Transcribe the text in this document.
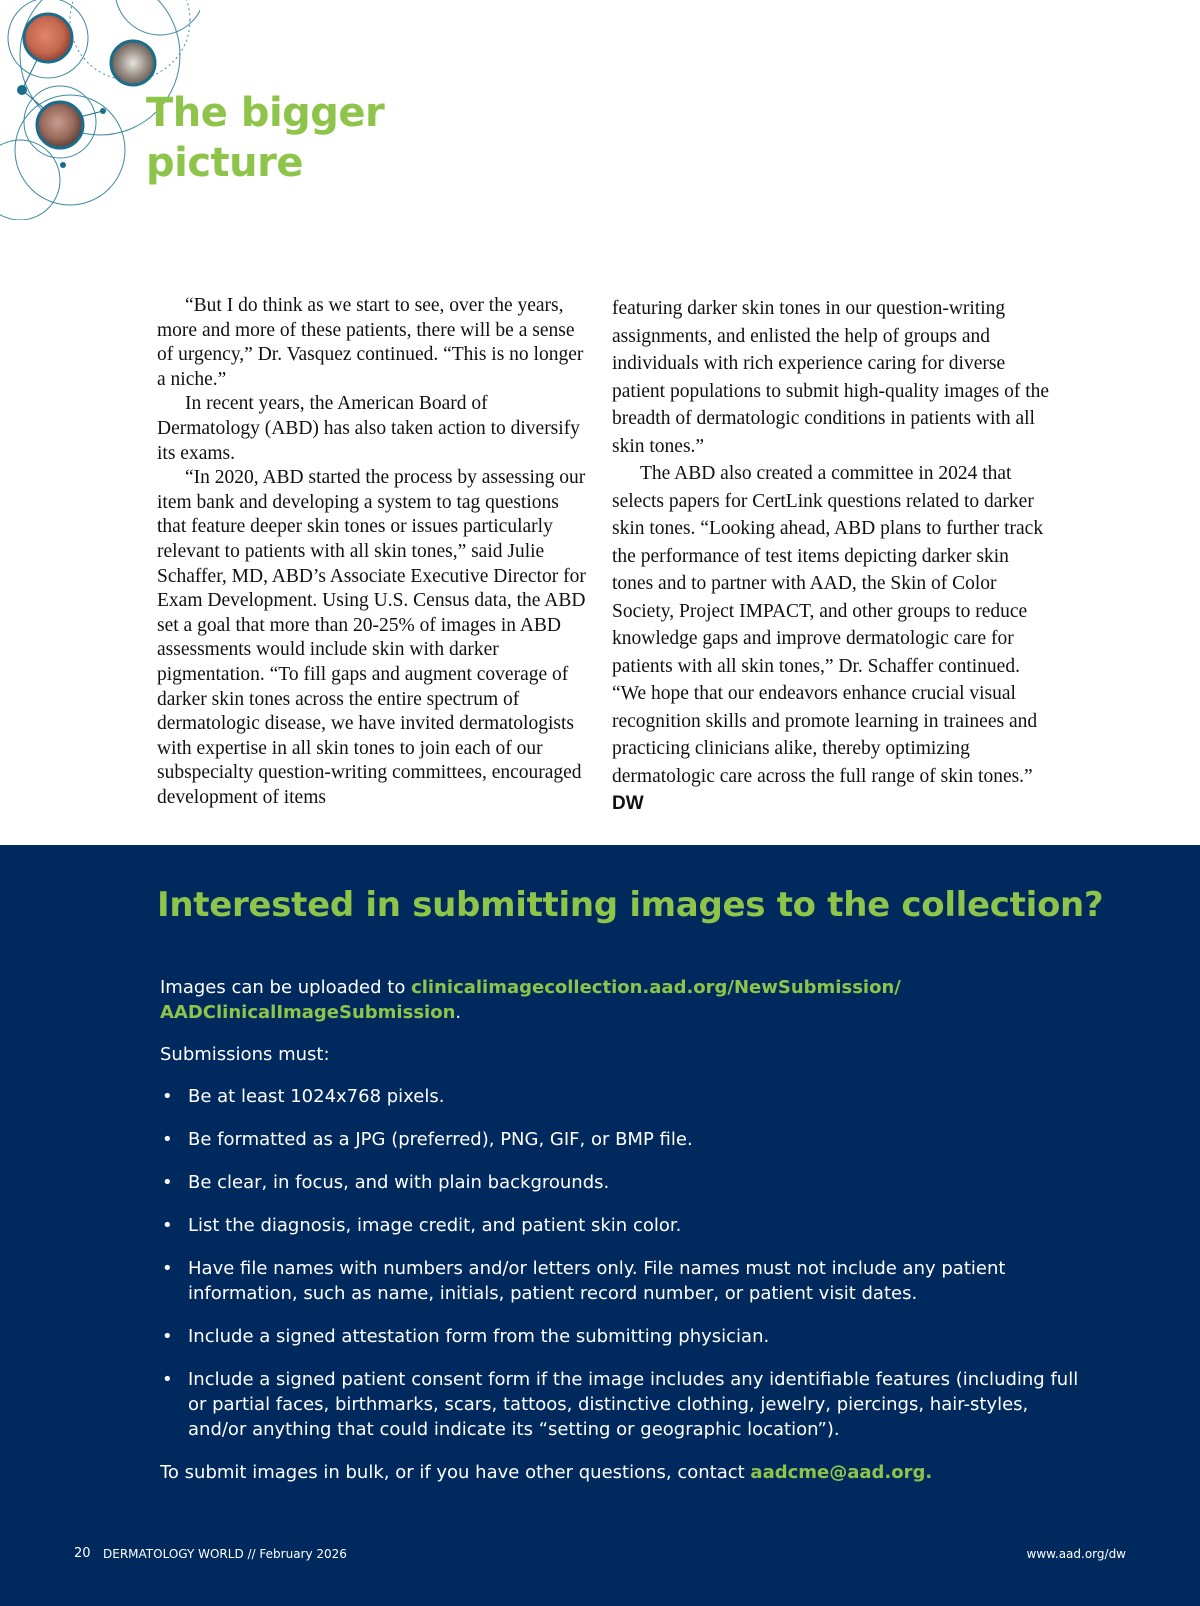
The bigger
picture

“But I do think as we start to see, over the years, more and more of these patients, there will be a sense of urgency,” Dr. Vasquez continued. “This is no longer a niche.”

In recent years, the American Board of Dermatology (ABD) has also taken action to diversify its exams.

“In 2020, ABD started the process by assessing our item bank and developing a system to tag questions that feature deeper skin tones or issues particularly relevant to patients with all skin tones,” said Julie Schaffer, MD, ABD’s Associate Executive Director for Exam Development. Using U.S. Census data, the ABD set a goal that more than 20-25% of images in ABD assessments would include skin with darker pigmentation. “To fill gaps and augment coverage of darker skin tones across the entire spectrum of dermatologic disease, we have invited dermatologists with expertise in all skin tones to join each of our subspecialty question-writing committees, encouraged development of items

featuring darker skin tones in our question-writing assignments, and enlisted the help of groups and individuals with rich experience caring for diverse patient populations to submit high-quality images of the breadth of dermatologic conditions in patients with all skin tones.”

The ABD also created a committee in 2024 that selects papers for CertLink questions related to darker skin tones. “Looking ahead, ABD plans to further track the performance of test items depicting darker skin tones and to partner with AAD, the Skin of Color Society, Project IMPACT, and other groups to reduce knowledge gaps and improve dermatologic care for patients with all skin tones,” Dr. Schaffer continued. “We hope that our endeavors enhance crucial visual recognition skills and promote learning in trainees and practicing clinicians alike, thereby optimizing dermatologic care across the full range of skin tones.” DW

Interested in submitting images to the collection?

Images can be uploaded to clinicalimagecollection.aad.org/NewSubmission/
AADClinicalImageSubmission.

Submissions must:

• Be at least 1024x768 pixels.
• Be formatted as a JPG (preferred), PNG, GIF, or BMP file.
• Be clear, in focus, and with plain backgrounds.
• List the diagnosis, image credit, and patient skin color.
• Have file names with numbers and/or letters only. File names must not include any patient information, such as name, initials, patient record number, or patient visit dates.
• Include a signed attestation form from the submitting physician.
• Include a signed patient consent form if the image includes any identifiable features (including full or partial faces, birthmarks, scars, tattoos, distinctive clothing, jewelry, piercings, hair-styles, and/or anything that could indicate its “setting or geographic location”).

To submit images in bulk, or if you have other questions, contact aadcme@aad.org.

20 DERMATOLOGY WORLD // February 2026	www.aad.org/dw
